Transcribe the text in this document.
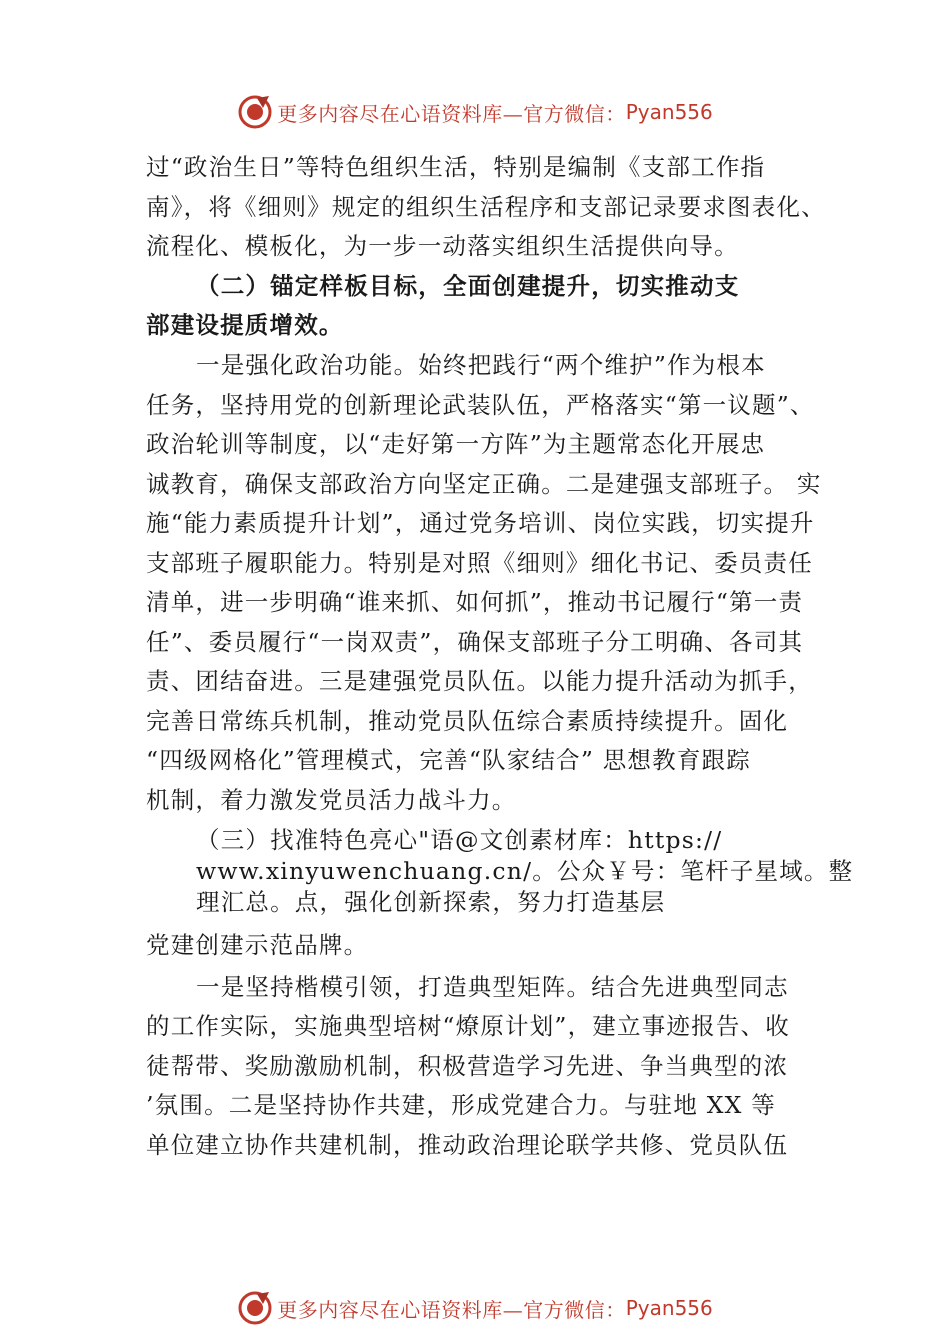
更多内容尽在心语资料库—官方微信： Pyan556
过“政治生日”等特色组织生活，特别是编制《支部工作指
南》，将《细则》规定的组织生活程序和支部记录要求图表化、
流程化、模板化，为一步一动落实组织生活提供向导。
（二）锚定样板目标，全面创建提升，切实推动支
部建设提质增效。
一是强化政治功能。始终把践行“两个维护”作为根本
任务，坚持用党的创新理论武装队伍，严格落实“第一议题”、
政治轮训等制度，以“走好第一方阵”为主题常态化开展忠
诚教育，确保支部政治方向坚定正确。二是建强支部班子。 实
施“能力素质提升计划”，通过党务培训、岗位实践，切实提升
支部班子履职能力。特别是对照《细则》细化书记、委员责任
清单，进一步明确“谁来抓、如何抓”，推动书记履行“第一责
任”、委员履行“一岗双责”，确保支部班子分工明确、各司其
责、团结奋进。三是建强党员队伍。以能力提升活动为抓手，
完善日常练兵机制，推动党员队伍综合素质持续提升。固化
“四级网格化”管理模式，完善“队家结合” 思想教育跟踪
机制，着力激发党员活力战斗力。
（三）找准特色亮心"语@文创素材库：https://
www.xinyuwenchuang.cn/。公众￥号：笔杆子星域。整
理汇总。点，强化创新探索，努力打造基层
党建创建示范品牌。
一是坚持楷模引领，打造典型矩阵。结合先进典型同志
的工作实际，实施典型培树“燎原计划”，建立事迹报告、收
徒帮带、奖励激励机制，积极营造学习先进、争当典型的浓
’氛围。二是坚持协作共建，形成党建合力。与驻地 XX 等
单位建立协作共建机制，推动政治理论联学共修、党员队伍
更多内容尽在心语资料库—官方微信： Pyan556
